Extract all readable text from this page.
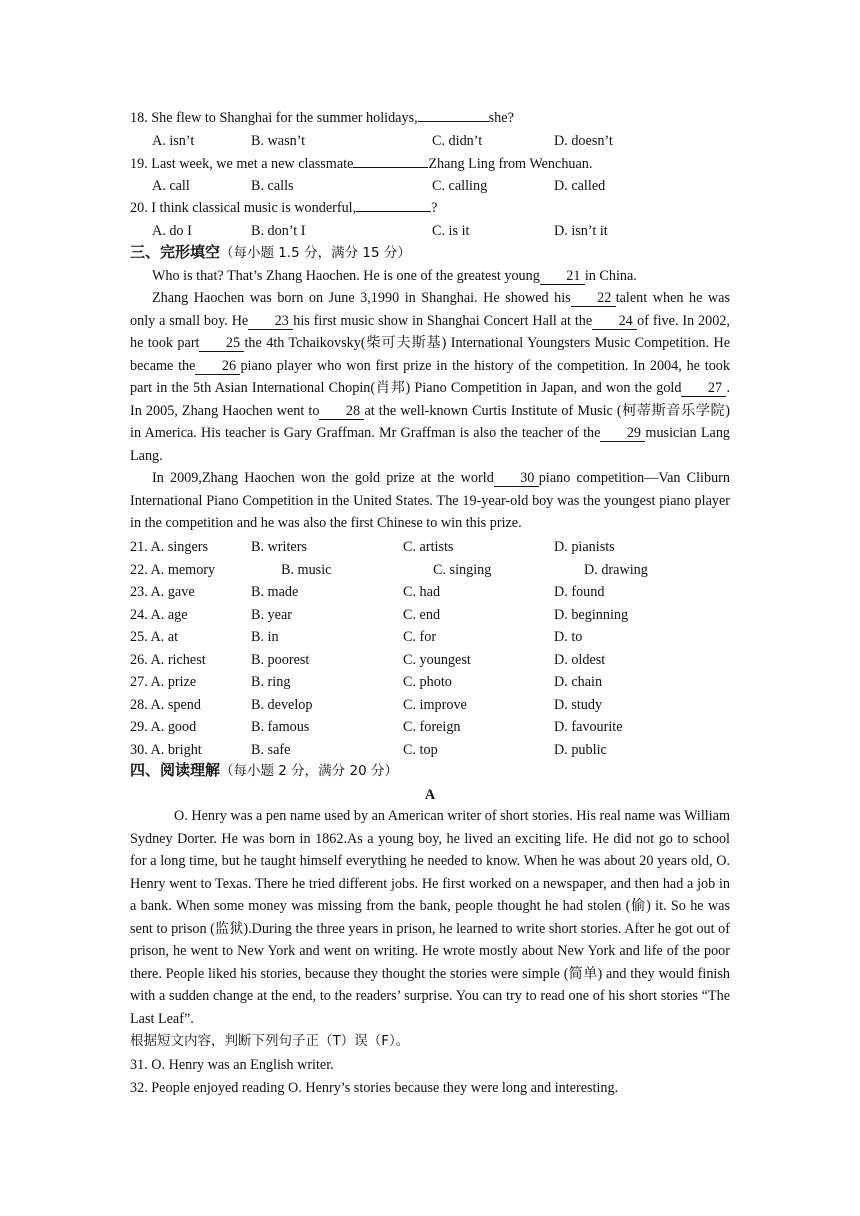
18. She flew to Shanghai for the summer holidays,	she?
A. isn’t	B. wasn’t	C. didn’t	D. doesn’t
19. Last week, we met a new classmate	Zhang Ling from Wenchuan.
A. call	B. calls	C. calling	D. called
20. I think classical music is wonderful,	?
A. do I	B. don’t I	C. is it	D. isn’t it
三、完形填空（每小题 1.5 分，满分 15 分）
Who is that? That’s Zhang Haochen. He is one of the greatest young 21 in China.
Zhang Haochen was born on June 3,1990 in Shanghai. He showed his 22 talent when he was only a small boy. He 23 his first music show in Shanghai Concert Hall at the 24 of five. In 2002, he took part 25 the 4th Tchaikovsky(柴可夫斯基) International Youngsters Music Competition. He became the 26 piano player who won first prize in the history of the competition. In 2004, he took part in the 5th Asian International Chopin(肖邦) Piano Competition in Japan, and won the gold 27 . In 2005, Zhang Haochen went to 28 at the well-known Curtis Institute of Music (柯蒂斯音乐学院) in America. His teacher is Gary Graffman. Mr Graffman is also the teacher of the 29 musician Lang Lang.
In 2009,Zhang Haochen won the gold prize at the world 30 piano competition—Van Cliburn International Piano Competition in the United States. The 19-year-old boy was the youngest piano player in the competition and he was also the first Chinese to win this prize.
21. A. singers	B. writers	C. artists	D. pianists
22. A. memory	B. music	C. singing	D. drawing
23. A. gave	B. made	C. had	D. found
24. A. age	B. year	C. end	D. beginning
25. A. at	B. in	C. for	D. to
26. A. richest	B. poorest	C. youngest	D. oldest
27. A. prize	B. ring	C. photo	D. chain
28. A. spend	B. develop	C. improve	D. study
29. A. good	B. famous	C. foreign	D. favourite
30. A. bright	B. safe	C. top	D. public
四、阅读理解（每小题 2 分，满分 20 分）
A
O. Henry was a pen name used by an American writer of short stories. His real name was William Sydney Dorter. He was born in 1862.As a young boy, he lived an exciting life. He did not go to school for a long time, but he taught himself everything he needed to know. When he was about 20 years old, O. Henry went to Texas. There he tried different jobs. He first worked on a newspaper, and then had a job in a bank. When some money was missing from the bank, people thought he had stolen (偷) it. So he was sent to prison (监狱).During the three years in prison, he learned to write short stories. After he got out of prison, he went to New York and went on writing. He wrote mostly about New York and life of the poor there. People liked his stories, because they thought the stories were simple (简单) and they would finish with a sudden change at the end, to the readers’ surprise. You can try to read one of his short stories “The Last Leaf”.
根据短文内容，判断下列句子正（T）误（F）。
31. O. Henry was an English writer.
32. People enjoyed reading O. Henry’s stories because they were long and interesting.
